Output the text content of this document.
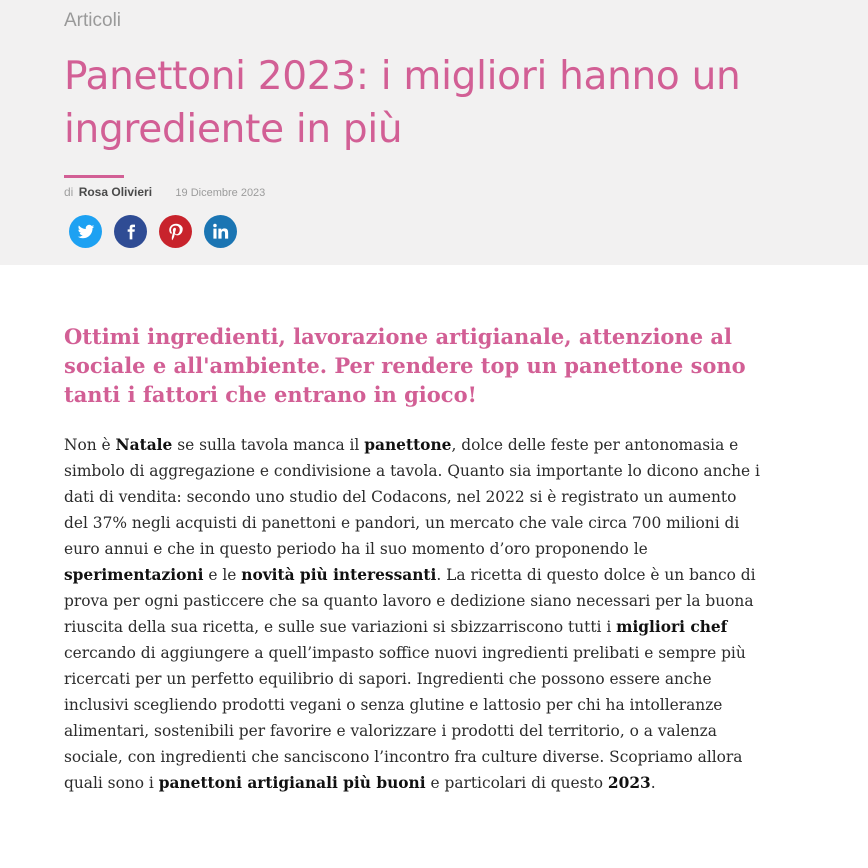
Articoli
Panettoni 2023: i migliori hanno un ingrediente in più
di Rosa Olivieri 19 Dicembre 2023

Ottimi ingredienti, lavorazione artigianale, attenzione al sociale e all'ambiente. Per rendere top un panettone sono tanti i fattori che entrano in gioco!

Non è Natale se sulla tavola manca il panettone, dolce delle feste per antonomasia e simbolo di aggregazione e condivisione a tavola. Quanto sia importante lo dicono anche i dati di vendita: secondo uno studio del Codacons, nel 2022 si è registrato un aumento del 37% negli acquisti di panettoni e pandori, un mercato che vale circa 700 milioni di euro annui e che in questo periodo ha il suo momento d’oro proponendo le sperimentazioni e le novità più interessanti. La ricetta di questo dolce è un banco di prova per ogni pasticcere che sa quanto lavoro e dedizione siano necessari per la buona riuscita della sua ricetta, e sulle sue variazioni si sbizzarriscono tutti i migliori chef cercando di aggiungere a quell’impasto soffice nuovi ingredienti prelibati e sempre più ricercati per un perfetto equilibrio di sapori. Ingredienti che possono essere anche inclusivi scegliendo prodotti vegani o senza glutine e lattosio per chi ha intolleranze alimentari, sostenibili per favorire e valorizzare i prodotti del territorio, o a valenza sociale, con ingredienti che sanciscono l’incontro fra culture diverse. Scopriamo allora quali sono i panettoni artigianali più buoni e particolari di questo 2023.
